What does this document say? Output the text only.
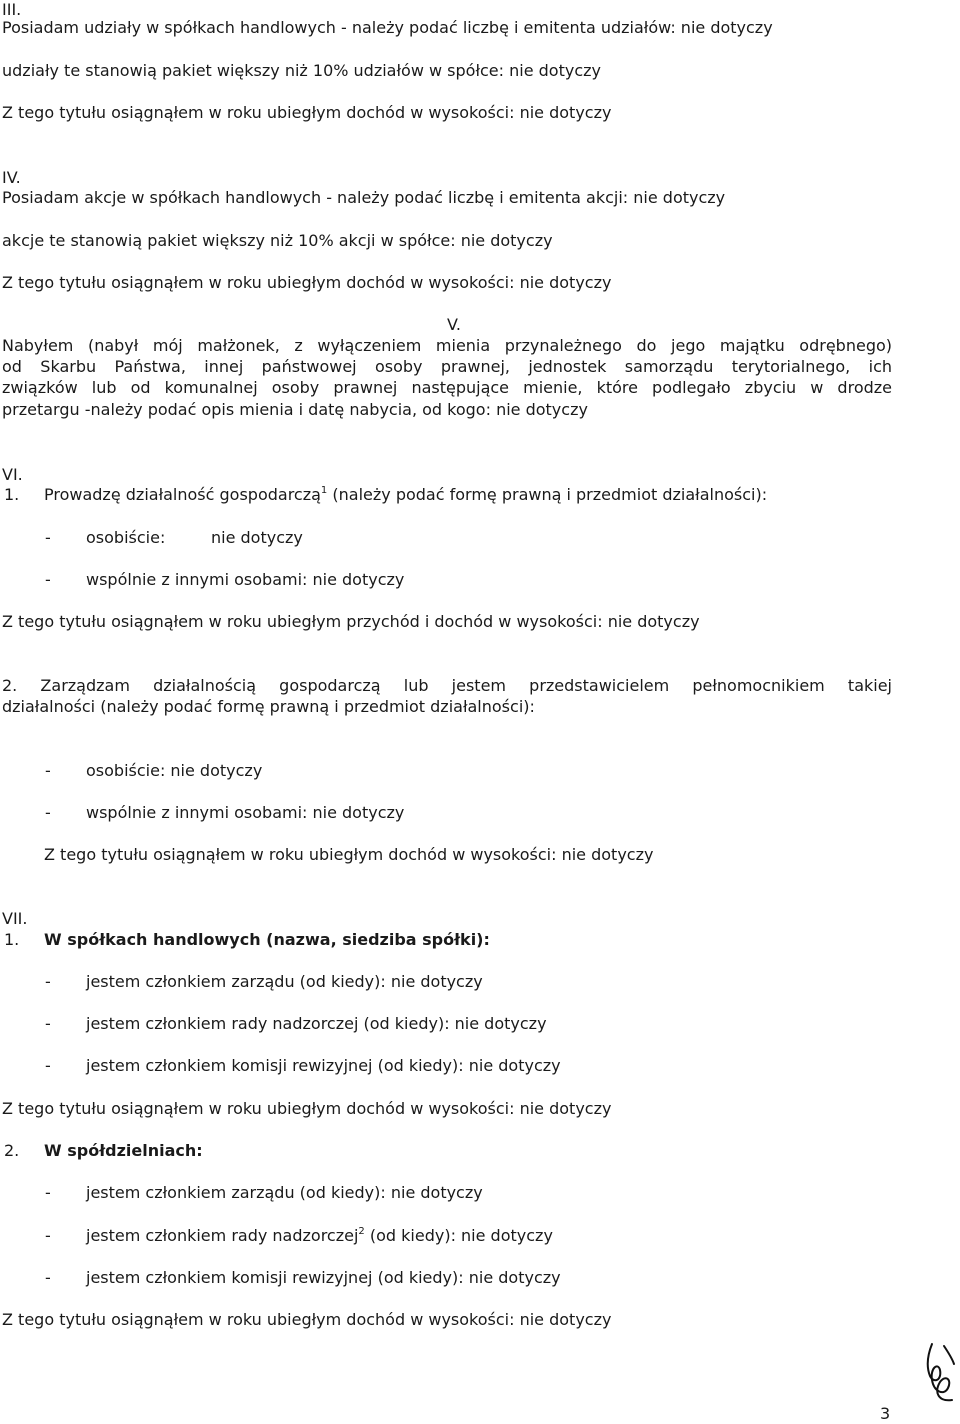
III.
Posiadam udziały w spółkach handlowych - należy podać liczbę i emitenta udziałów: nie dotyczy
udziały te stanowią pakiet większy niż 10% udziałów w spółce: nie dotyczy
Z tego tytułu osiągnąłem w roku ubiegłym dochód w wysokości: nie dotyczy
IV.
Posiadam akcje w spółkach handlowych - należy podać liczbę i emitenta akcji: nie dotyczy
akcje te stanowią pakiet większy niż 10% akcji w spółce: nie dotyczy
Z tego tytułu osiągnąłem w roku ubiegłym dochód w wysokości: nie dotyczy
V.
Nabyłem (nabył mój małżonek, z wyłączeniem mienia przynależnego do jego majątku odrębnego)
od Skarbu Państwa, innej państwowej osoby prawnej, jednostek samorządu terytorialnego, ich
związków lub od komunalnej osoby prawnej następujące mienie, które podlegało zbyciu w drodze
przetargu -należy podać opis mienia i datę nabycia, od kogo: nie dotyczy
VI.
1. Prowadzę działalność gospodarczą$^1$ (należy podać formę prawną i przedmiot działalności):
- osobiście:	nie dotyczy
- wspólnie z innymi osobami: nie dotyczy
Z tego tytułu osiągnąłem w roku ubiegłym przychód i dochód w wysokości: nie dotyczy
2. Zarządzam działalnością gospodarczą lub jestem przedstawicielem pełnomocnikiem takiej
działalności (należy podać formę prawną i przedmiot działalności):
- osobiście: nie dotyczy
- wspólnie z innymi osobami: nie dotyczy
Z tego tytułu osiągnąłem w roku ubiegłym dochód w wysokości: nie dotyczy
VII.
1. W spółkach handlowych (nazwa, siedziba spółki):
- jestem członkiem zarządu (od kiedy): nie dotyczy
- jestem członkiem rady nadzorczej (od kiedy): nie dotyczy
- jestem członkiem komisji rewizyjnej (od kiedy): nie dotyczy
Z tego tytułu osiągnąłem w roku ubiegłym dochód w wysokości: nie dotyczy
2. W spółdzielniach:
- jestem członkiem zarządu (od kiedy): nie dotyczy
- jestem członkiem rady nadzorczej$^2$ (od kiedy): nie dotyczy
- jestem członkiem komisji rewizyjnej (od kiedy): nie dotyczy
Z tego tytułu osiągnąłem w roku ubiegłym dochód w wysokości: nie dotyczy
3
